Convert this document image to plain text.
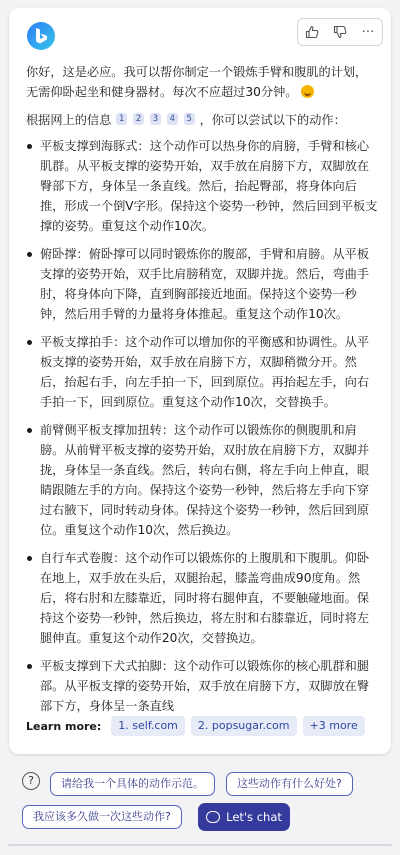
···

你好，这是必应。我可以帮你制定一个锻炼手臂和腹肌的计划，无需仰卧起坐和健身器材。每次不应超过30分钟。

根据网上的信息 1 2 3 4 5 ，你可以尝试以下的动作：

平板支撑到海豚式：这个动作可以热身你的肩膀，手臂和核心肌群。从平板支撑的姿势开始，双手放在肩膀下方，双脚放在臀部下方，身体呈一条直线。然后，抬起臀部，将身体向后推，形成一个倒V字形。保持这个姿势一秒钟，然后回到平板支撑的姿势。重复这个动作10次。
俯卧撑：俯卧撑可以同时锻炼你的腹部，手臂和肩膀。从平板支撑的姿势开始，双手比肩膀稍宽，双脚并拢。然后，弯曲手肘，将身体向下降，直到胸部接近地面。保持这个姿势一秒钟，然后用手臂的力量将身体推起。重复这个动作10次。
平板支撑拍手：这个动作可以增加你的平衡感和协调性。从平板支撑的姿势开始，双手放在肩膀下方，双脚稍微分开。然后，抬起右手，向左手拍一下，回到原位。再抬起左手，向右手拍一下，回到原位。重复这个动作10次，交替换手。
前臂侧平板支撑加扭转：这个动作可以锻炼你的侧腹肌和肩膀。从前臂平板支撑的姿势开始，双肘放在肩膀下方，双脚并拢，身体呈一条直线。然后，转向右侧，将左手向上伸直，眼睛跟随左手的方向。保持这个姿势一秒钟，然后将左手向下穿过右腋下，同时转动身体。保持这个姿势一秒钟，然后回到原位。重复这个动作10次，然后换边。
自行车式卷腹：这个动作可以锻炼你的上腹肌和下腹肌。仰卧在地上，双手放在头后，双腿抬起，膝盖弯曲成90度角。然后，将右肘和左膝靠近，同时将右腿伸直，不要触碰地面。保持这个姿势一秒钟，然后换边，将左肘和右膝靠近，同时将左腿伸直。重复这个动作20次，交替换边。
平板支撑到下犬式拍脚：这个动作可以锻炼你的核心肌群和腿部。从平板支撑的姿势开始，双手放在肩膀下方，双脚放在臀部下方，身体呈一条直线
Learn more:	1. self.com	2. popsugar.com	+3 more
?	请给我一个具体的动作示范。	这些动作有什么好处?
我应该多久做一次这些动作?	Let's chat
